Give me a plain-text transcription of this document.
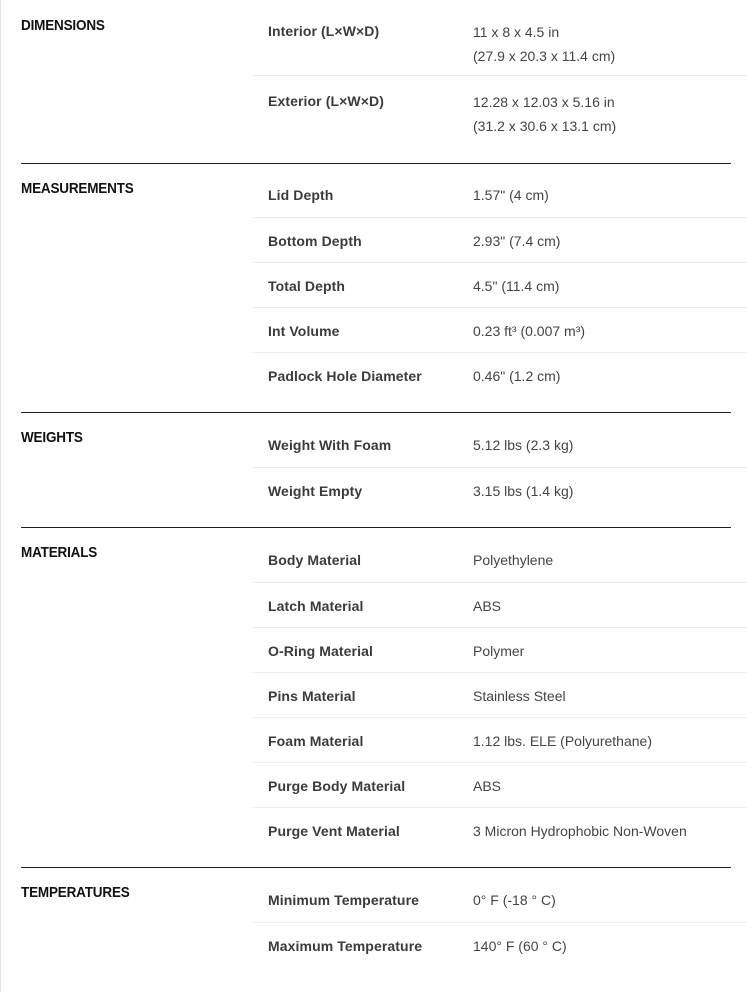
DIMENSIONS	Interior (L×W×D)	11 x 8 x 4.5 in
(27.9 x 20.3 x 11.4 cm)
Exterior (L×W×D)	12.28 x 12.03 x 5.16 in
(31.2 x 30.6 x 13.1 cm)
MEASUREMENTS	Lid Depth	1.57" (4 cm)
Bottom Depth	2.93" (7.4 cm)
Total Depth	4.5" (11.4 cm)
Int Volume	0.23 ft³ (0.007 m³)
Padlock Hole Diameter	0.46" (1.2 cm)
WEIGHTS	Weight With Foam	5.12 lbs (2.3 kg)
Weight Empty	3.15 lbs (1.4 kg)
MATERIALS	Body Material	Polyethylene
Latch Material	ABS
O-Ring Material	Polymer
Pins Material	Stainless Steel
Foam Material	1.12 lbs. ELE (Polyurethane)
Purge Body Material	ABS
Purge Vent Material	3 Micron Hydrophobic Non-Woven
TEMPERATURES	Minimum Temperature	0° F (-18 ° C)
Maximum Temperature	140° F (60 ° C)
